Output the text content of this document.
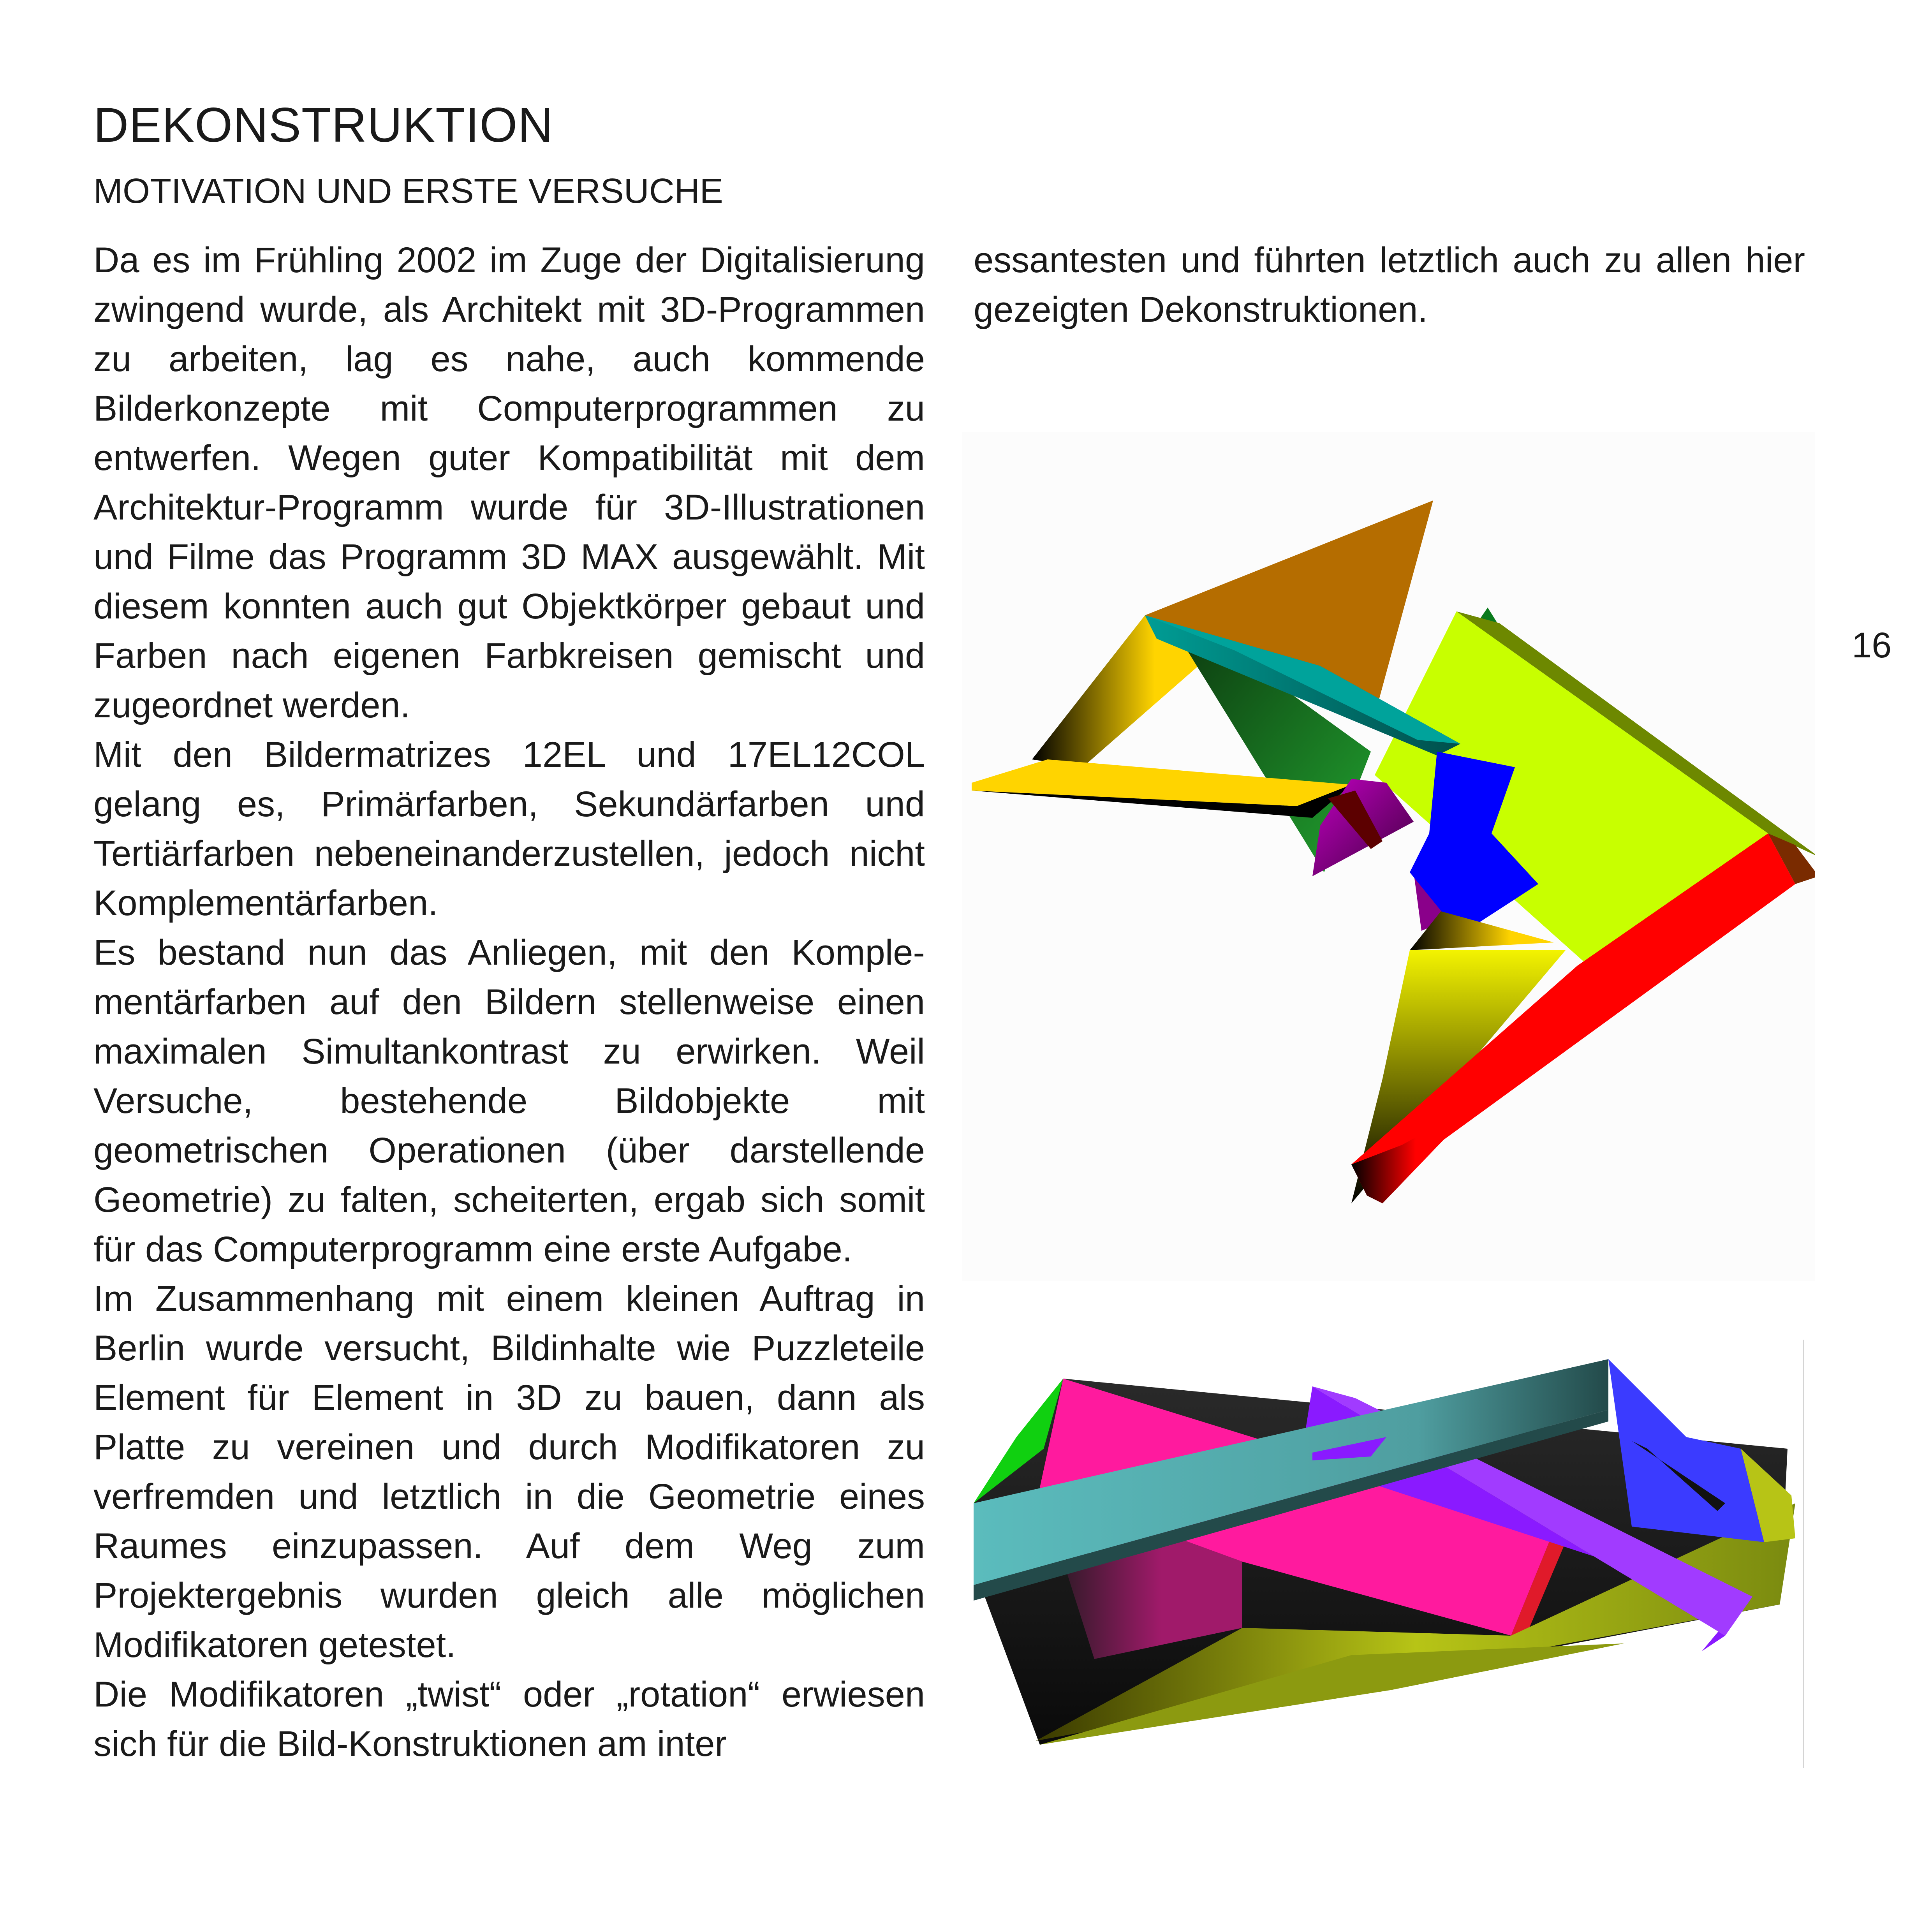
DEKONSTRUKTION
MOTIVATION UND ERSTE VERSUCHE

Da es im Frühling 2002 im Zuge der Digitalisierung zwingend wurde, als Architekt mit 3D-Programmen zu arbeiten, lag es nahe, auch kommende Bilderkonzepte mit Computerprogrammen zu entwerfen. Wegen guter Kompatibilität mit dem Architektur-Programm wurde für 3D-Illustrationen und Filme das Programm 3D MAX ausgewählt. Mit diesem konnten auch gut Objektkörper gebaut und Farben nach eigenen Farbkreisen gemischt und zugeordnet werden.

Mit den Bildermatrizes 12EL und 17EL12COL gelang es, Primärfarben, Sekundärfarben und Tertiärfarben nebeneinanderzustellen, jedoch nicht Komplementärfarben.

Es bestand nun das Anliegen, mit den Komplementärfarben auf den Bildern stellenweise einen maximalen Simultankontrast zu erwirken. Weil Versuche, bestehende Bildobjekte mit geometrischen Operationen (über darstellende Geometrie) zu falten, scheiterten, ergab sich somit für das Computerprogramm eine erste Aufgabe.

Im Zusammenhang mit einem kleinen Auftrag in Berlin wurde versucht, Bildinhalte wie Puzzleteile Element für Element in 3D zu bauen, dann als Platte zu vereinen und durch Modifikatoren zu verfremden und letztlich in die Geometrie eines Raumes einzupassen. Auf dem Weg zum Projektergebnis wurden gleich alle möglichen Modifikatoren getestet.

Die Modifikatoren „twist“ oder „rotation“ erwiesen sich für die Bild-Konstruktionen am inter

essantesten und führten letztlich auch zu allen hier gezeigten Dekonstruktionen.

16
